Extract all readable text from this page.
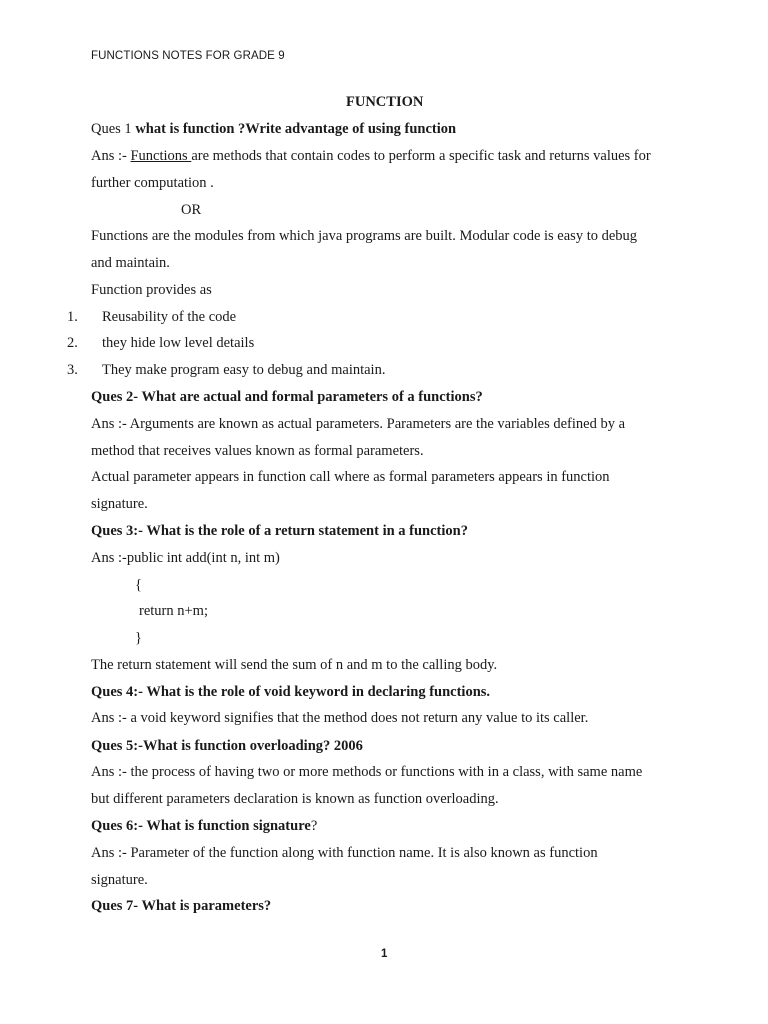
FUNCTIONS NOTES FOR GRADE 9
FUNCTION
Ques 1 what is function ?Write advantage of using function
Ans :- Functions are methods that contain codes to perform a specific task and returns values for
further computation .
OR
Functions are the modules from which java programs are built. Modular code is easy to debug
and maintain.
Function provides as
1. Reusability of the code
2. they hide low level details
3. They make program easy to debug and maintain.
Ques 2- What are actual and formal parameters of a functions?
Ans :- Arguments are known as actual parameters. Parameters are the variables defined by a
method that receives values known as formal parameters.
Actual parameter appears in function call where as formal parameters appears in function
signature.
Ques 3:- What is the role of a return statement in a function?
Ans :-public int add(int n, int m)
{
return n+m;
}
The return statement will send the sum of n and m to the calling body.
Ques 4:- What is the role of void keyword in declaring functions.
Ans :- a void keyword signifies that the method does not return any value to its caller.
Ques 5:-What is function overloading? 2006
Ans :- the process of having two or more methods or functions with in a class, with same name
but different parameters declaration is known as function overloading.
Ques 6:- What is function signature?
Ans :- Parameter of the function along with function name. It is also known as function
signature.
Ques 7- What is parameters?
1
